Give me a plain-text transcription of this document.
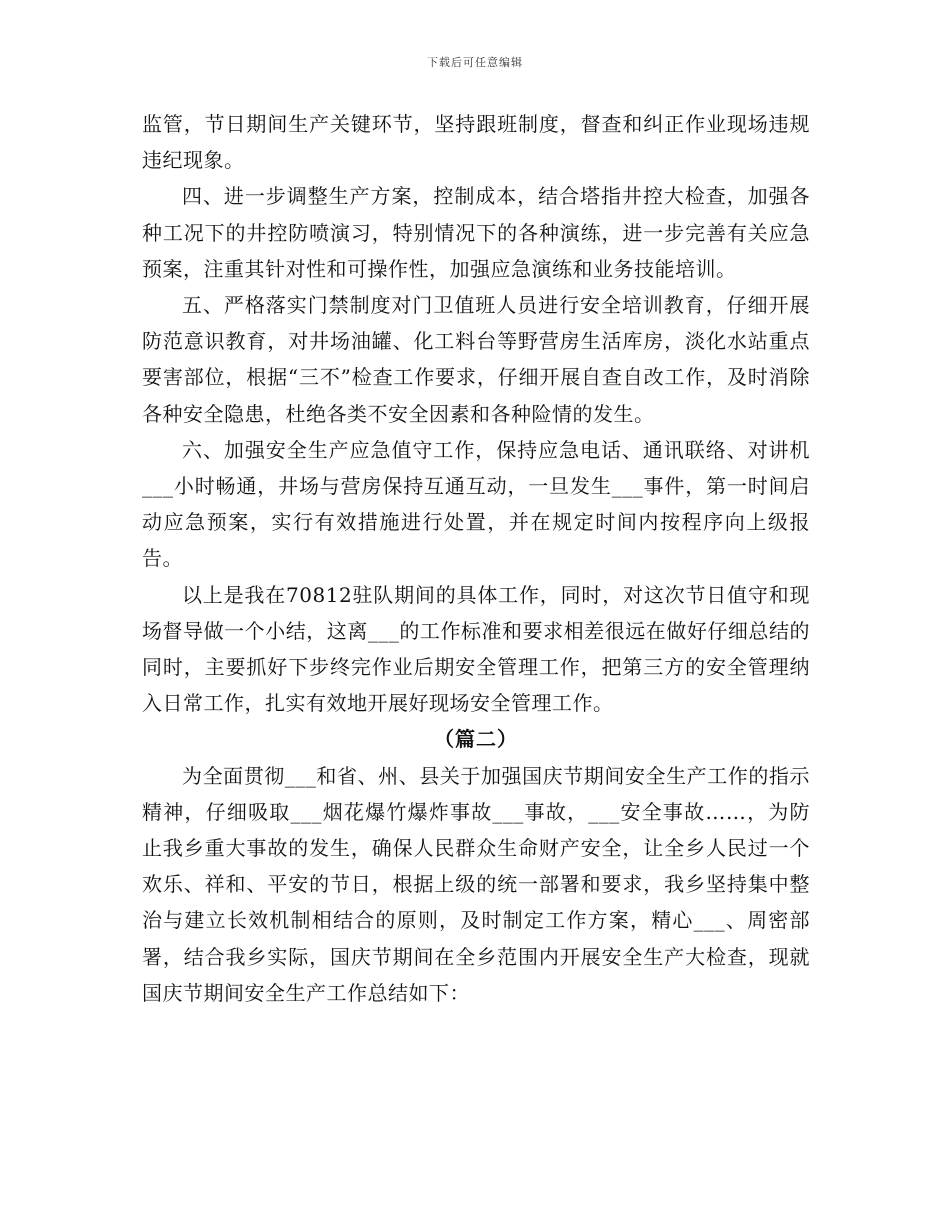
下载后可任意编辑

监管，节日期间生产关键环节，坚持跟班制度，督查和纠正作业现场违规违纪现象。

四、进一步调整生产方案，控制成本，结合塔指井控大检查，加强各种工况下的井控防喷演习，特别情况下的各种演练，进一步完善有关应急预案，注重其针对性和可操作性，加强应急演练和业务技能培训。

五、严格落实门禁制度对门卫值班人员进行安全培训教育，仔细开展防范意识教育，对井场油罐、化工料台等野营房生活库房，淡化水站重点要害部位，根据“三不”检查工作要求，仔细开展自查自改工作，及时消除各种安全隐患，杜绝各类不安全因素和各种险情的发生。

六、加强安全生产应急值守工作，保持应急电话、通讯联络、对讲机___小时畅通，井场与营房保持互通互动，一旦发生___事件，第一时间启动应急预案，实行有效措施进行处置，并在规定时间内按程序向上级报告。

以上是我在70812驻队期间的具体工作，同时，对这次节日值守和现场督导做一个小结，这离___的工作标准和要求相差很远在做好仔细总结的同时，主要抓好下步终完作业后期安全管理工作，把第三方的安全管理纳入日常工作，扎实有效地开展好现场安全管理工作。

（篇二）

为全面贯彻___和省、州、县关于加强国庆节期间安全生产工作的指示精神，仔细吸取___烟花爆竹爆炸事故___事故，___安全事故……，为防止我乡重大事故的发生，确保人民群众生命财产安全，让全乡人民过一个欢乐、祥和、平安的节日，根据上级的统一部署和要求，我乡坚持集中整治与建立长效机制相结合的原则，及时制定工作方案，精心___、周密部署，结合我乡实际，国庆节期间在全乡范围内开展安全生产大检查，现就国庆节期间安全生产工作总结如下：
